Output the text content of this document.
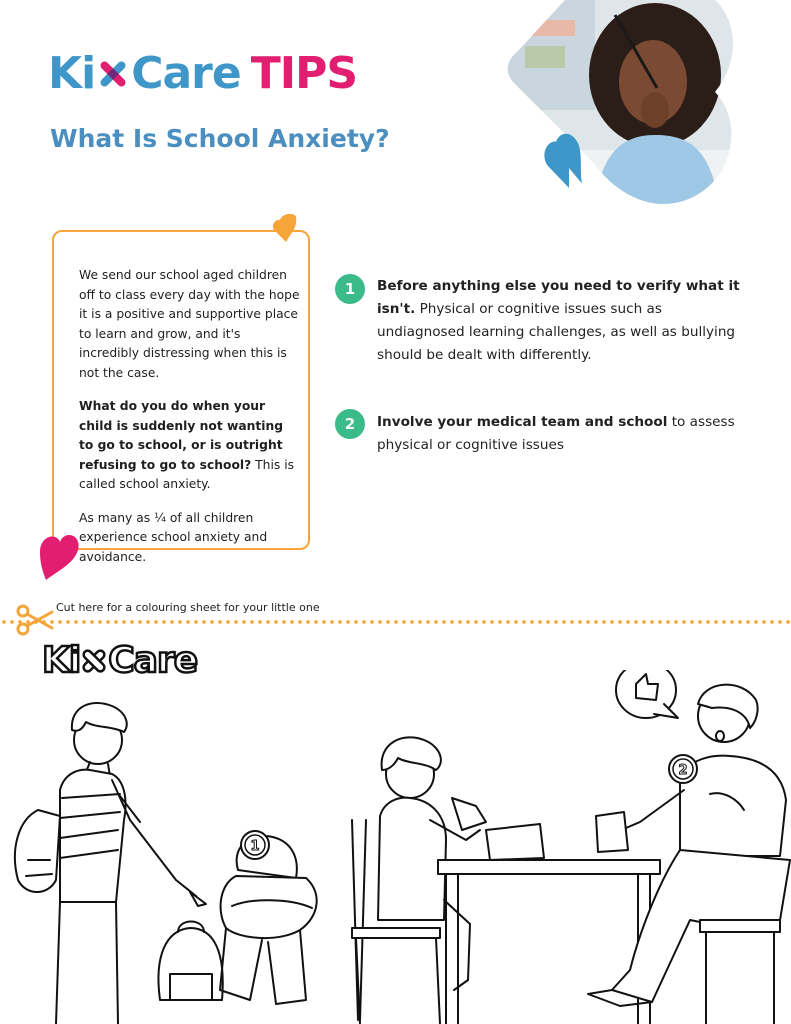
Ki Care TIPS
What Is School Anxiety?

We send our school aged children off to class every day with the hope it is a positive and supportive place to learn and grow, and it's incredibly distressing when this is not the case.

What do you do when your child is suddenly not wanting to go to school, or is outright refusing to go to school? This is called school anxiety.

As many as ¼ of all children experience school anxiety and avoidance.

1	Before anything else you need to verify what it isn't. Physical or cognitive issues such as undiagnosed learning challenges, as well as bullying should be dealt with differently.
2	Involve your medical team and school to assess physical or cognitive issues
Cut here for a colouring sheet for your little one
Ki Care
1
2
